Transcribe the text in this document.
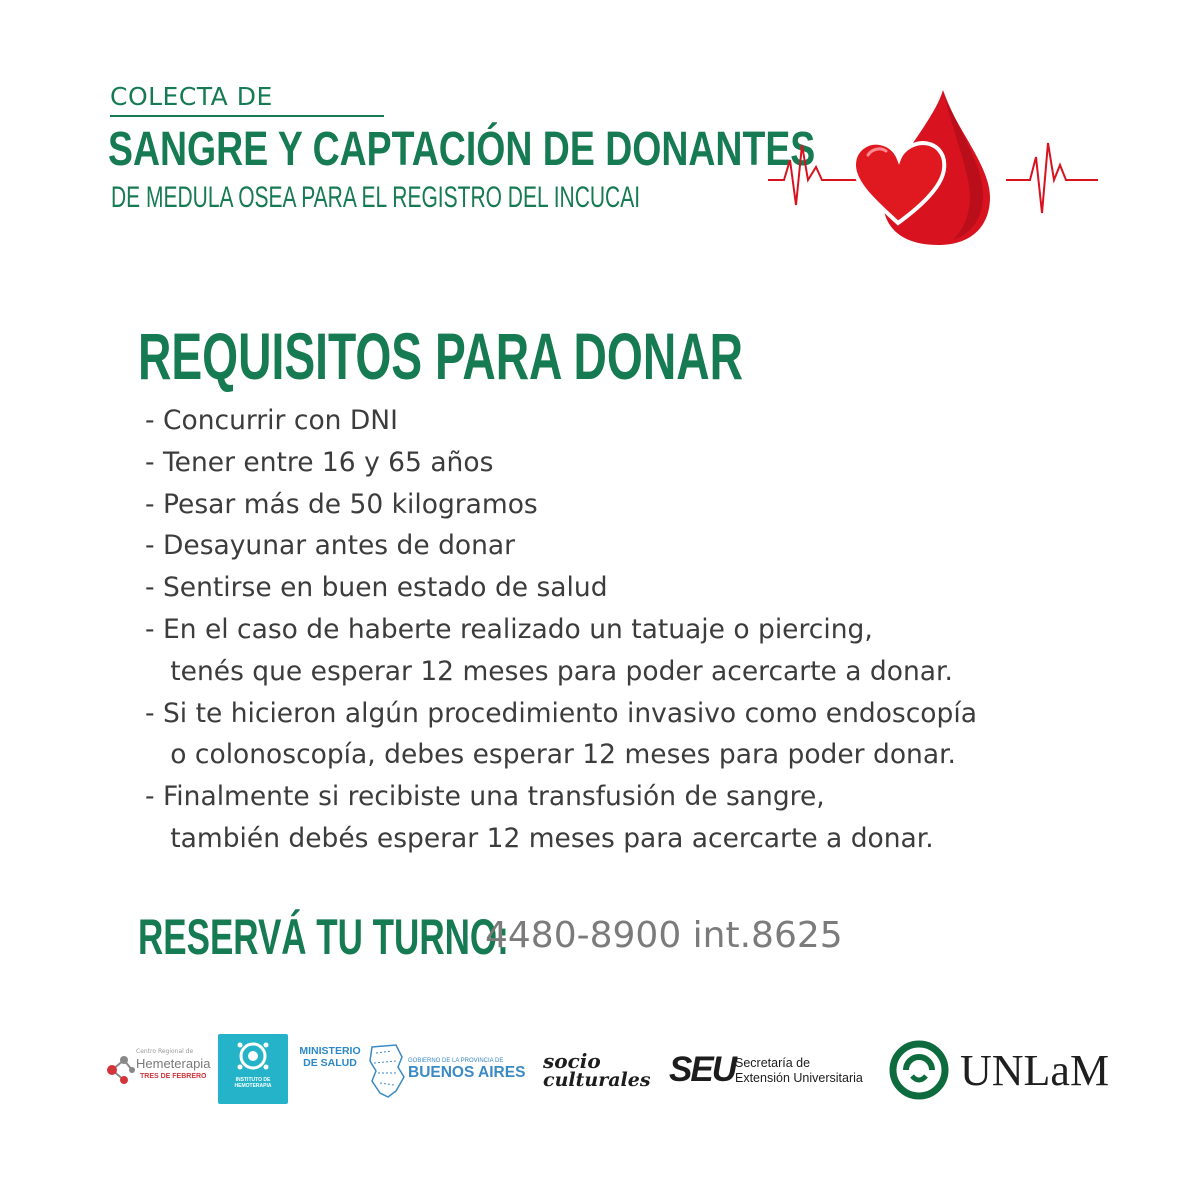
COLECTA DE
SANGRE Y CAPTACIÓN DE DONANTES
DE MEDULA OSEA PARA EL REGISTRO DEL INCUCAI
REQUISITOS PARA DONAR
- Concurrir con DNI
- Tener entre 16 y 65 años
- Pesar más de 50 kilogramos
- Desayunar antes de donar
- Sentirse en buen estado de salud
- En el caso de haberte realizado un tatuaje o piercing,
tenés que esperar 12 meses para poder acercarte a donar.
- Si te hicieron algún procedimiento invasivo como endoscopía
o colonoscopía, debes esperar 12 meses para poder donar.
- Finalmente si recibiste una transfusión de sangre,
también debés esperar 12 meses para acercarte a donar.
RESERVÁ TU TURNO:
4480-8900 int.8625
Centro Regional de
Hemeterapia
TRES DE FEBRERO	INSTITUTO DE
HEMOTERAPIA
MINISTERIO
DE SALUD	GOBIERNO DE LA PROVINCIA DE
BUENOS AIRES socio
culturales SEU Secretaría de
Extensión Universitaria UNLaM
